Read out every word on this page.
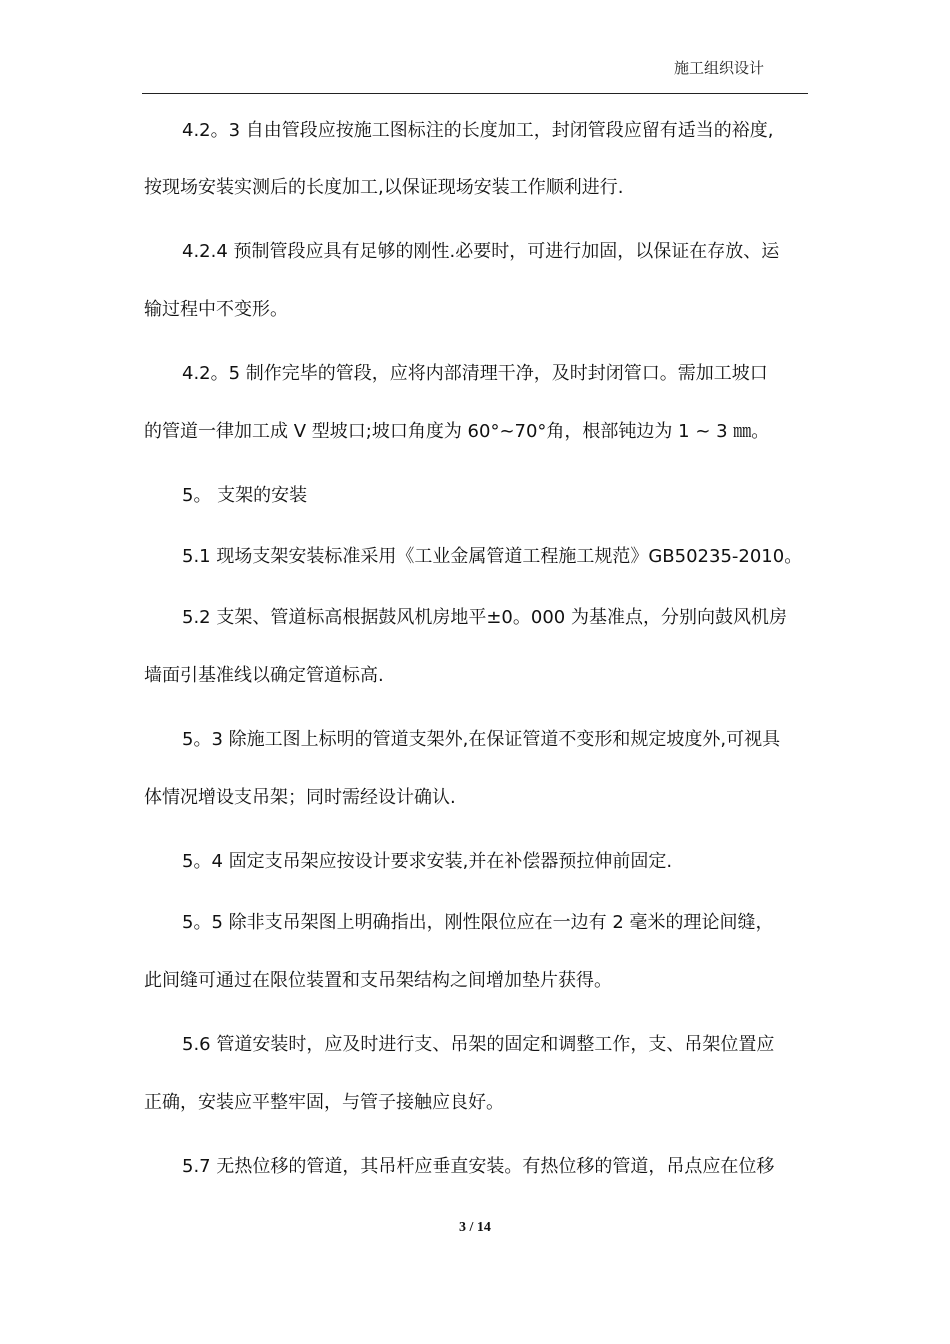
施工组织设计
4.2。3 自由管段应按施工图标注的长度加工，封闭管段应留有适当的裕度,
按现场安装实测后的长度加工,以保证现场安装工作顺利进行.
4.2.4 预制管段应具有足够的刚性.必要时，可进行加固，以保证在存放、运
输过程中不变形。
4.2。5 制作完毕的管段，应将内部清理干净，及时封闭管口。需加工坡口
的管道一律加工成 V 型坡口;坡口角度为 60°~70°角，根部钝边为 1 ~ 3 ㎜。
5。 支架的安装
5.1 现场支架安装标准采用《工业金属管道工程施工规范》GB50235-2010。
5.2 支架、管道标高根据鼓风机房地平±0。000 为基准点，分别向鼓风机房
墙面引基准线以确定管道标高.
5。3 除施工图上标明的管道支架外,在保证管道不变形和规定坡度外,可视具
体情况增设支吊架；同时需经设计确认.
5。4 固定支吊架应按设计要求安装,并在补偿器预拉伸前固定.
5。5 除非支吊架图上明确指出，刚性限位应在一边有 2 毫米的理论间缝，
此间缝可通过在限位装置和支吊架结构之间增加垫片获得。
5.6 管道安装时，应及时进行支、吊架的固定和调整工作，支、吊架位置应
正确，安装应平整牢固，与管子接触应良好。
5.7 无热位移的管道，其吊杆应垂直安装。有热位移的管道，吊点应在位移
3 / 14
